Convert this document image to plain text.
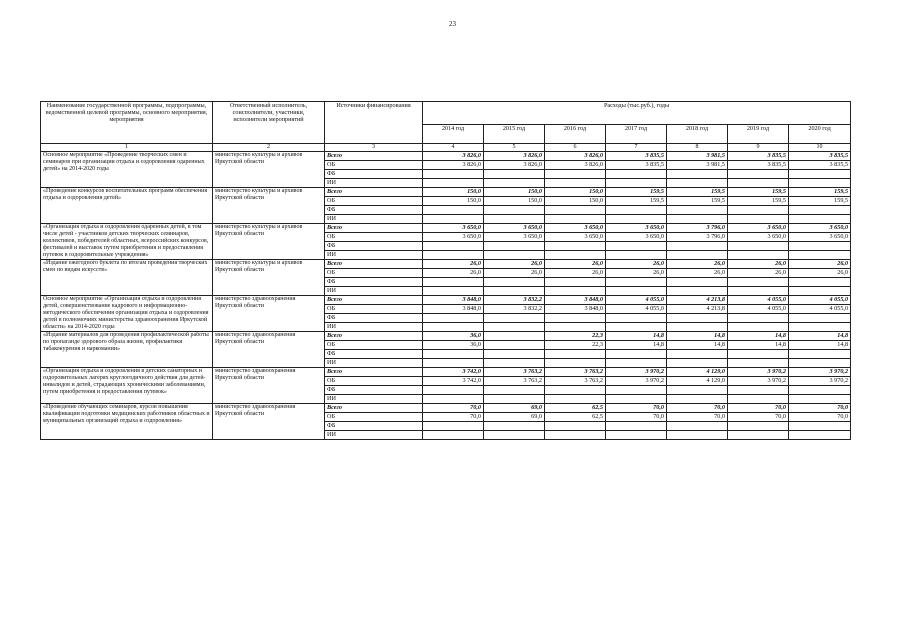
23
Наименование государственной программы, подпрограммы, ведомственной целевой программы, основного мероприятия, мероприятия	Ответственный исполнитель, соисполнители, участники, исполнители мероприятий	Источники финансирования	Расходы (тыс.руб.), годы						
			2014 год	2015 год	2016 год	2017 год	2018 год	2019 год	2020 год
1	2	3	4	5	6	7	8	9	10
Основное мероприятие «Проведение творческих смен и семинаров при организации отдыха и оздоровления одаренных детей» на 2014-2020 годы	министерство культуры и архивов Иркутской области	Всего	3 826,0	3 826,0	3 826,0	3 835,5	3 981,5	3 835,5	3 835,5
		ОБ	3 826,0	3 826,0	3 826,0	3 835,5	3 981,5	3 835,5	3 835,5
		ФБ							
		ИИ							
«Проведение конкурсов воспитательных программ обеспечения отдыха и оздоровления детей»	министерство культуры и архивов Иркутской области	Всего	150,0	150,0	150,0	159,5	159,5	159,5	159,5
		ОБ	150,0	150,0	150,0	159,5	159,5	159,5	159,5
		ФБ							
		ИИ							
«Организация отдыха и оздоровления одаренных детей, в том числе детей - участников детских творческих семинаров, коллективов, победителей областных, всероссийских конкурсов, фестивалей и выставок путем приобретения и предоставления путевок в оздоровительные учреждения»	министерство культуры и архивов Иркутской области	Всего	3 650,0	3 650,0	3 650,0	3 650,0	3 796,0	3 650,0	3 650,0
		ОБ	3 650,0	3 650,0	3 650,0	3 650,0	3 796,0	3 650,0	3 650,0
		ФБ							
		ИИ							
«Издание ежегодного буклета по итогам проведения творческих смен по видам искусств»	министерство культуры и архивов Иркутской области	Всего	26,0	26,0	26,0	26,0	26,0	26,0	26,0
		ОБ	26,0	26,0	26,0	26,0	26,0	26,0	26,0
		ФБ							
		ИИ							
Основное мероприятие «Организация отдыха и оздоровления детей, совершенствование кадрового и информационно-методического обеспечения организации отдыха и оздоровления детей в полномочиях министерства здравоохранения Иркутской области» на 2014-2020 годы	министерство здравоохранения Иркутской области	Всего	3 848,0	3 832,2	3 848,0	4 055,0	4 213,8	4 055,0	4 055,0
		ОБ	3 848,0	3 832,2	3 848,0	4 055,0	4 213,8	4 055,0	4 055,0
		ФБ							
		ИИ							
«Издание материалов для проведения профилактической работы по пропаганде здорового образа жизни, профилактики табакокурения и наркомании»	министерство здравоохранения Иркутской области	Всего	36,0		22,3	14,8	14,8	14,8	14,8
		ОБ	36,0		22,3	14,8	14,8	14,8	14,8
		ФБ							
		ИИ							
«Организация отдыха и оздоровления в детских санаторных и оздоровительных лагерях круглогодичного действия для детей-инвалидов и детей, страдающих хроническими заболеваниями, путем приобретения и предоставления путевок»	министерство здравоохранения Иркутской области	Всего	3 742,0	3 763,2	3 763,2	3 970,2	4 129,0	3 970,2	3 970,2
		ОБ	3 742,0	3 763,2	3 763,2	3 970,2	4 129,0	3 970,2	3 970,2
		ФБ							
		ИИ							
«Проведение обучающих семинаров, курсов повышения квалификации подготовки медицинских работников областных и муниципальных организаций отдыха и оздоровления»	министерство здравоохранения Иркутской области	Всего	70,0	69,0	62,5	70,0	70,0	70,0	70,0
		ОБ	70,0	69,0	62,5	70,0	70,0	70,0	70,0
		ФБ							
		ИИ							
